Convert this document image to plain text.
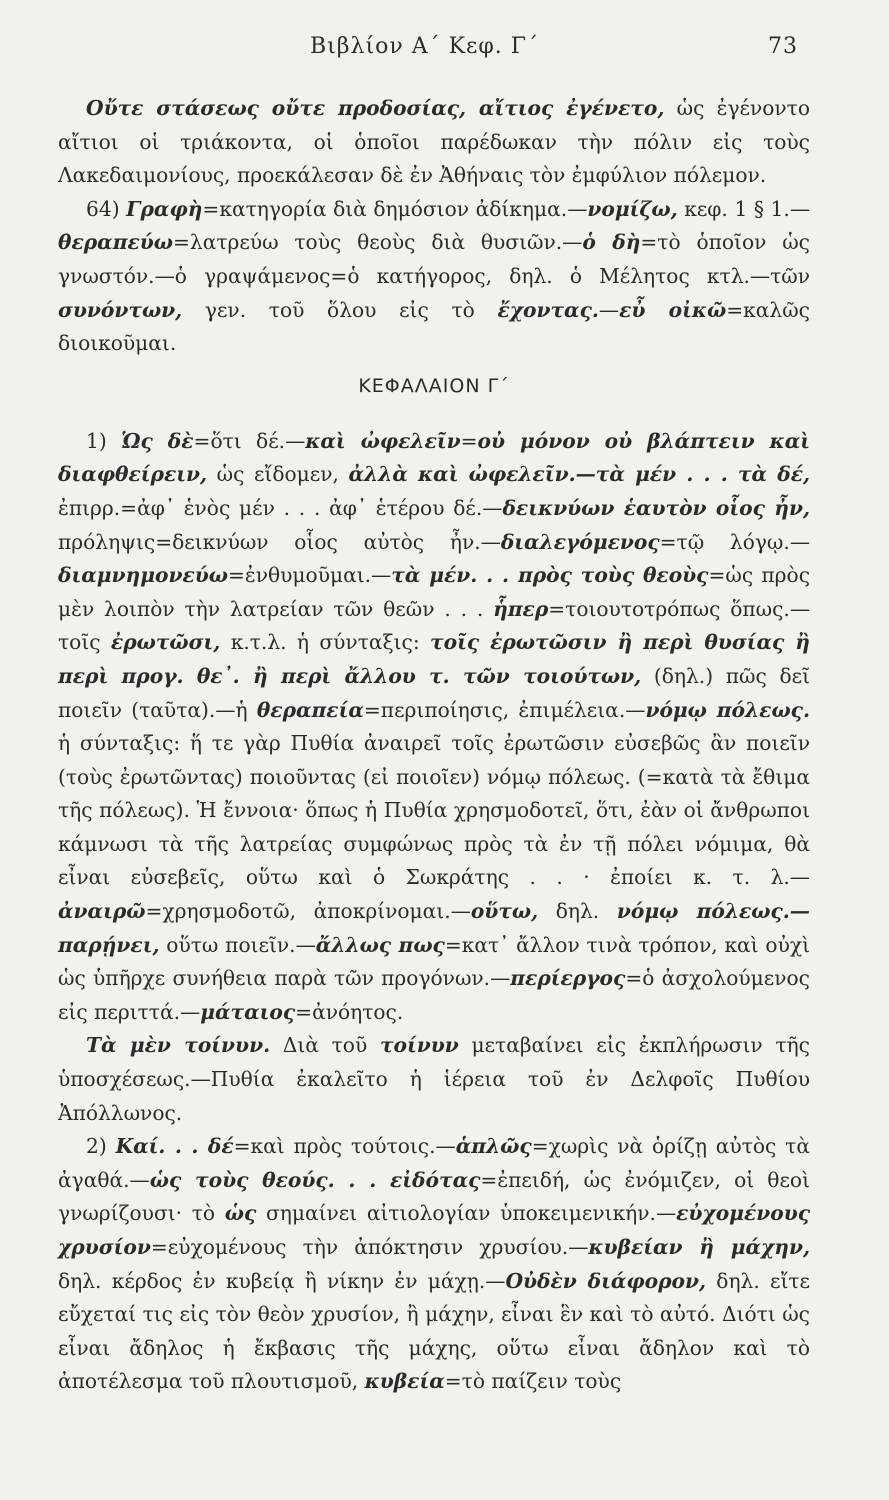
Βιβλίον Α΄ Κεφ. Γ΄	73

Οὔτε στάσεως οὔτε προδοσίας, αἴτιος ἐγένετο, ὡς ἐγένοντο αἴτιοι οἱ τριάκοντα, οἱ ὁποῖοι παρέδωκαν τὴν πόλιν εἰς τοὺς Λακεδαιμονίους, προεκάλεσαν δὲ ἐν Ἀθήναις τὸν ἐμφύλιον πόλεμον.

64) Γραφὴ=κατηγορία διὰ δημόσιον ἀδίκημα.—νομίζω, κεφ. 1 § 1.—θεραπεύω=λατρεύω τοὺς θεοὺς διὰ θυσιῶν.—ὁ δὴ=τὸ ὁποῖον ὡς γνωστόν.—ὁ γραψάμενος=ὁ κατήγορος, δηλ. ὁ Μέλητος κτλ.—τῶν συνόντων, γεν. τοῦ ὅλου εἰς τὸ ἔχοντας.—εὖ οἰκῶ=καλῶς διοικοῦμαι.

ΚΕΦΑΛΑΙΟΝ Γ΄

1) Ὡς δὲ=ὅτι δέ.—καὶ ὠφελεῖν=οὐ μόνον οὐ βλάπτειν καὶ διαφθείρειν, ὡς εἴδομεν, ἀλλὰ καὶ ὠφελεῖν.—τὰ μέν . . . τὰ δέ, ἐπιρρ.=ἀφ᾿ ἑνὸς μέν . . . ἀφ᾿ ἑτέρου δέ.—δεικνύων ἑαυτὸν οἷος ἦν, πρόληψις=δεικνύων οἷος αὐτὸς ἦν.—διαλεγόμενος=τῷ λόγῳ.—διαμνημονεύω=ἐνθυμοῦμαι.—τὰ μέν. . . πρὸς τοὺς θεοὺς=ὡς πρὸς μὲν λοιπὸν τὴν λατρείαν τῶν θεῶν . . . ἧπερ=τοιουτοτρόπως ὅπως.—τοῖς ἐρωτῶσι, κ.τ.λ. ἡ σύνταξις: τοῖς ἐρωτῶσιν ἢ περὶ θυσίας ἢ περὶ προγ. θε᾿. ἢ περὶ ἄλλου τ. τῶν τοιούτων, (δηλ.) πῶς δεῖ ποιεῖν (ταῦτα).—ἡ θεραπεία=περιποίησις, ἐπιμέλεια.—νόμῳ πόλεως. ἡ σύνταξις: ἥ τε γὰρ Πυθία ἀναιρεῖ τοῖς ἐρωτῶσιν εὐσεβῶς ἂν ποιεῖν (τοὺς ἐρωτῶντας) ποιοῦντας (εἰ ποιοῖεν) νόμῳ πόλεως. (=κατὰ τὰ ἔθιμα τῆς πόλεως). Ἡ ἔννοια· ὅπως ἡ Πυθία χρησμοδοτεῖ, ὅτι, ἐὰν οἱ ἄνθρωποι κάμνωσι τὰ τῆς λατρείας συμφώνως πρὸς τὰ ἐν τῇ πόλει νόμιμα, θὰ εἶναι εὐσεβεῖς, οὕτω καὶ ὁ Σωκράτης . . · ἐποίει κ. τ. λ.—ἀναιρῶ=χρησμοδοτῶ, ἀποκρίνομαι.—οὕτω, δηλ. νόμῳ πόλεως.—παρῄνει, οὕτω ποιεῖν.—ἄλλως πως=κατ᾿ ἄλλον τινὰ τρόπον, καὶ οὐχὶ ὡς ὑπῆρχε συνήθεια παρὰ τῶν προγόνων.—περίεργος=ὁ ἀσχολούμενος εἰς περιττά.—μάταιος=ἀνόητος.

Τὰ μὲν τοίνυν. Διὰ τοῦ τοίνυν μεταβαίνει εἰς ἐκπλήρωσιν τῆς ὑποσχέσεως.—Πυθία ἐκαλεῖτο ἡ ἱέρεια τοῦ ἐν Δελφοῖς Πυθίου Ἀπόλλωνος.

2) Καί. . . δέ=καὶ πρὸς τούτοις.—ἁπλῶς=χωρὶς νὰ ὁρίζῃ αὐτὸς τὰ ἀγαθά.—ὡς τοὺς θεούς. . . εἰδότας=ἐπειδή, ὡς ἐνόμιζεν, οἱ θεοὶ γνωρίζουσι· τὸ ὡς σημαίνει αἰτιολογίαν ὑποκειμενικήν.—εὐχομένους χρυσίον=εὐχομένους τὴν ἀπόκτησιν χρυσίου.—κυβείαν ἢ μάχην, δηλ. κέρδος ἐν κυβείᾳ ἢ νίκην ἐν μάχῃ.—Οὐδὲν διάφορον, δηλ. εἴτε εὔχεταί τις εἰς τὸν θεὸν χρυσίον, ἢ μάχην, εἶναι ἓν καὶ τὸ αὐτό. Διότι ὡς εἶναι ἄδηλος ἡ ἔκβασις τῆς μάχης, οὕτω εἶναι ἄδηλον καὶ τὸ ἀποτέλεσμα τοῦ πλουτισμοῦ, κυβεία=τὸ παίζειν τοὺς
